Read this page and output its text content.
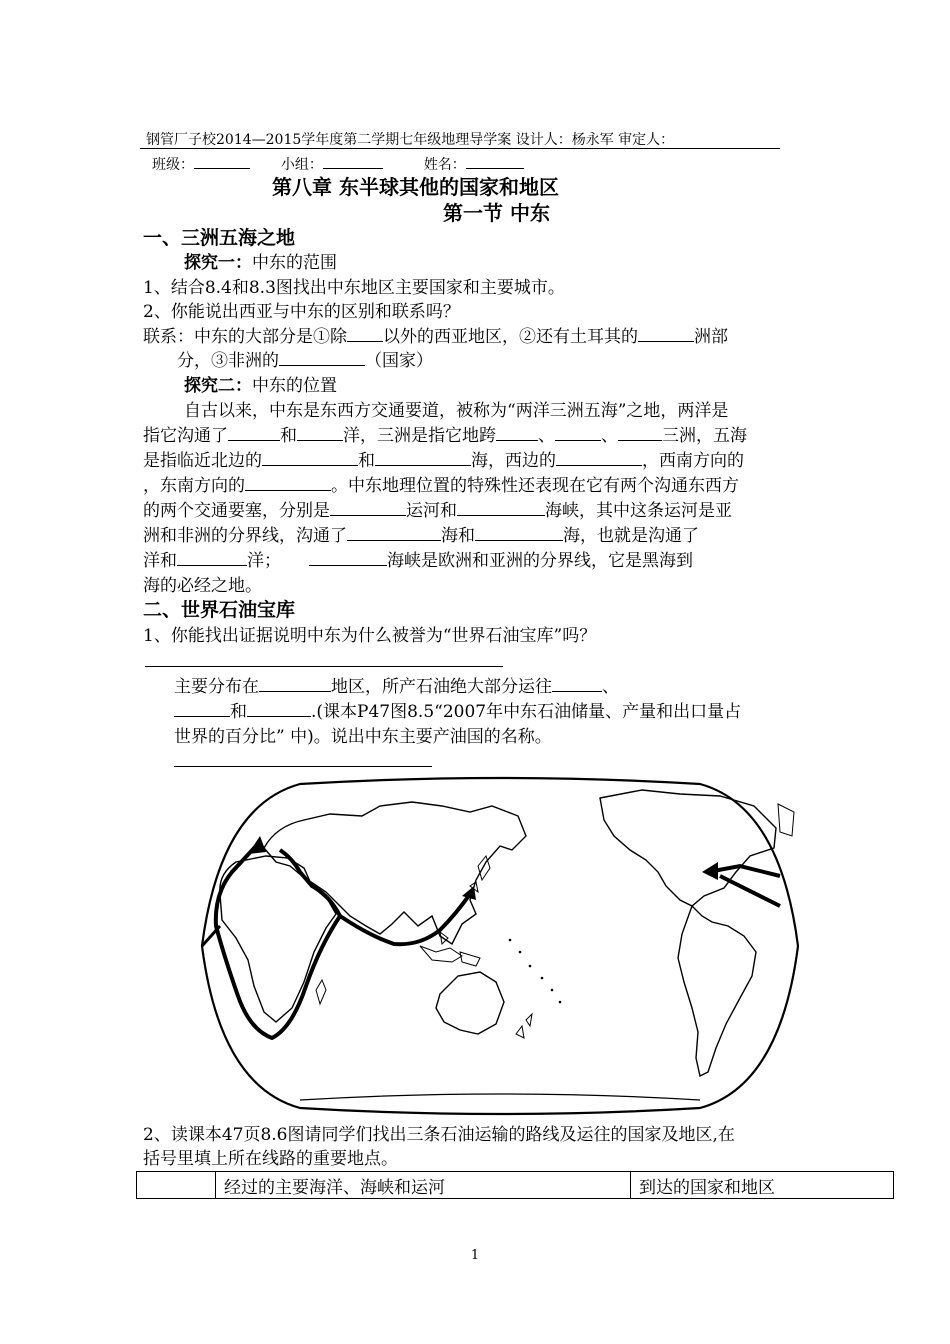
钢管厂子校2014—2015学年度第二学期七年级地理导学案 设计人：杨永军 审定人：
班级：	小组：	姓名：
第八章 东半球其他的国家和地区
第一节 中东
一、三洲五海之地
探究一：中东的范围
1、结合8.4和8.3图找出中东地区主要国家和主要城市。
2、你能说出西亚与中东的区别和联系吗？
联系：中东的大部分是①除 以外的西亚地区，②还有土耳其的	洲部
分，③非洲的	（国家）
探究二：中东的位置
自古以来，中东是东西方交通要道，被称为“两洋三洲五海”之地，两洋是
指它沟通了	和	洋，三洲是指它地跨 、	、	三洲，五海
是指临近北边的	和	海，西边的	，西南方向的
，东南方向的	。中东地理位置的特殊性还表现在它有两个沟通东西方
的两个交通要塞，分别是	运河和	海峡，其中这条运河是亚
洲和非洲的分界线，沟通了	海和	海，也就是沟通了
洋和	洋；	海峡是欧洲和亚洲的分界线，它是黑海到
海的必经之地。
二、世界石油宝库
1、你能找出证据说明中东为什么被誉为“世界石油宝库”吗？
主要分布在	地区，所产石油绝大部分运往	、
和	.(课本P47图8.5“2007年中东石油储量、产量和出口量占
世界的百分比” 中)。说出中东主要产油国的名称。
2、读课本47页8.6图请同学们找出三条石油运输的路线及运往的国家及地区,在
括号里填上所在线路的重要地点。
	经过的主要海洋、海峡和运河	到达的国家和地区
1
